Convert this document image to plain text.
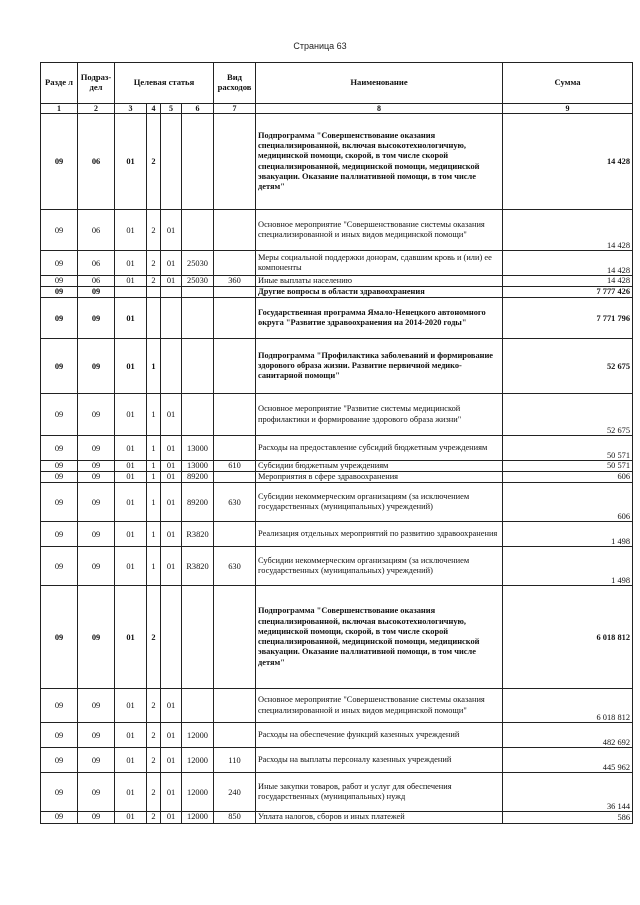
Страница 63
Разде л	Подраз- дел	Целевая статья				Вид расходов	Наименование	Сумма
1	2	3	4	5	6	7	8	9
09	06	01	2				Подпрограмма "Совершенствование оказания специализированной, включая высокотехнологичную, медицинской помощи, скорой, в том числе скорой специализированной, медицинской помощи, медицинской эвакуации. Оказание паллиативной помощи, в том числе детям"	14 428
09	06	01	2	01			Основное мероприятие "Совершенствование системы оказания специализированной и иных видов медицинской помощи"	14 428
09	06	01	2	01	25030		Меры социальной поддержки донорам, сдавшим кровь и (или) ее компоненты	14 428
09	06	01	2	01	25030	360	Иные выплаты населению	14 428
09	09						Другие вопросы в области здравоохранения	7 777 426
09	09	01					Государственная программа Ямало-Ненецкого автономного округа "Развитие здравоохранения на 2014-2020 годы"	7 771 796
09	09	01	1				Подпрограмма "Профилактика заболеваний и формирование здорового образа жизни. Развитие первичной медико-санитарной помощи"	52 675
09	09	01	1	01			Основное мероприятие "Развитие системы медицинской профилактики и формирование здорового образа жизни"	52 675
09	09	01	1	01	13000		Расходы на предоставление субсидий бюджетным учреждениям	50 571
09	09	01	1	01	13000	610	Субсидии бюджетным учреждениям	50 571
09	09	01	1	01	89200		Мероприятия в сфере здравоохранения	606
09	09	01	1	01	89200	630	Субсидии некоммерческим организациям (за исключением государственных (муниципальных) учреждений)	606
09	09	01	1	01	R3820		Реализация отдельных мероприятий по развитию здравоохранения	1 498
09	09	01	1	01	R3820	630	Субсидии некоммерческим организациям (за исключением государственных (муниципальных) учреждений)	1 498
09	09	01	2				Подпрограмма "Совершенствование оказания специализированной, включая высокотехнологичную, медицинской помощи, скорой, в том числе скорой специализированной, медицинской помощи, медицинской эвакуации. Оказание паллиативной помощи, в том числе детям"	6 018 812
09	09	01	2	01			Основное мероприятие "Совершенствование системы оказания специализированной и иных видов медицинской помощи"	6 018 812
09	09	01	2	01	12000		Расходы на обеспечение функций казенных учреждений	482 692
09	09	01	2	01	12000	110	Расходы на выплаты персоналу казенных учреждений	445 962
09	09	01	2	01	12000	240	Иные закупки товаров, работ и услуг для обеспечения государственных (муниципальных) нужд	36 144
09	09	01	2	01	12000	850	Уплата налогов, сборов и иных платежей	586
